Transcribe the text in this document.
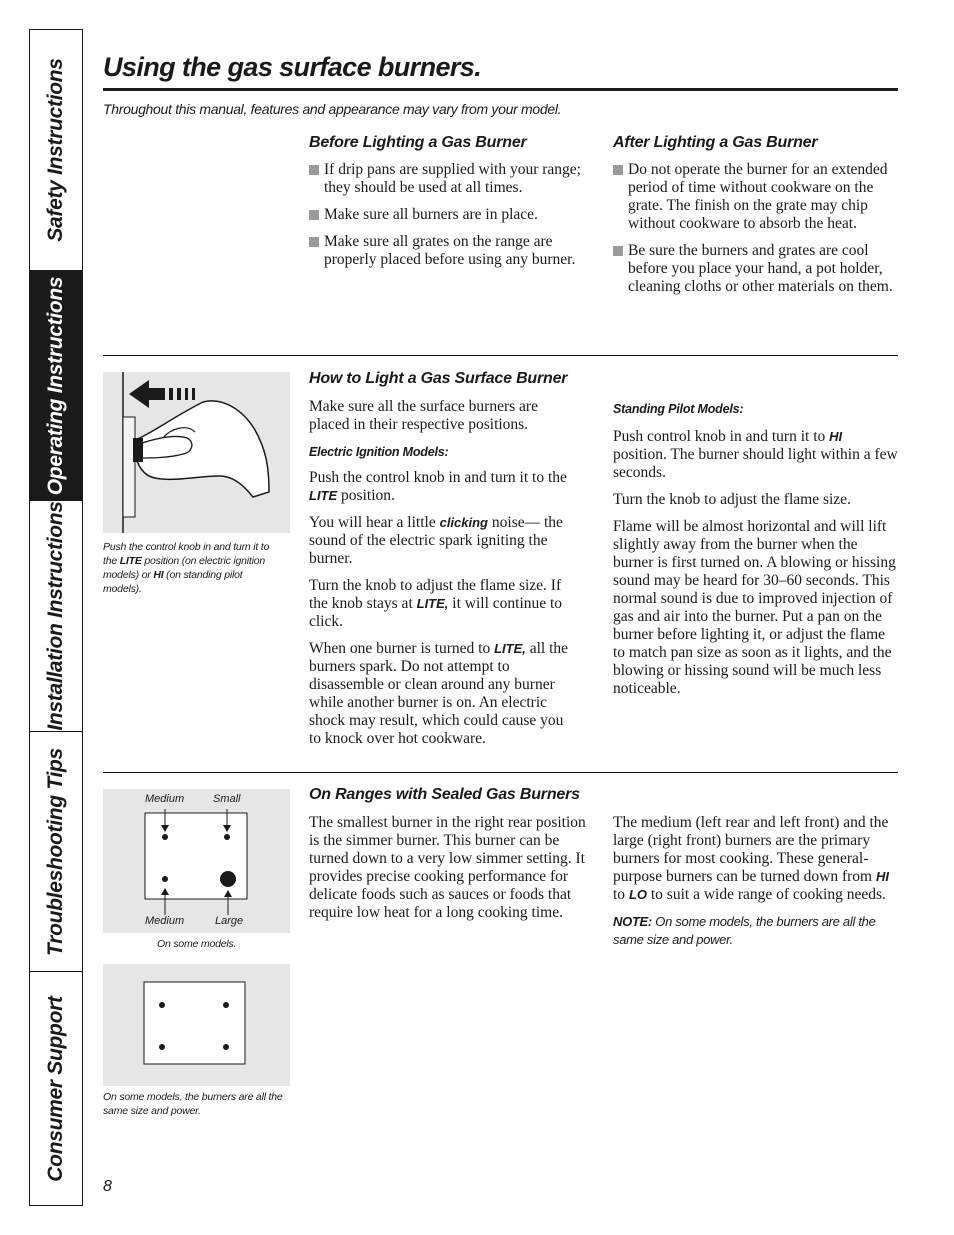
Safety Instructions
Operating Instructions
Installation Instructions
Troubleshooting Tips
Consumer Support
Using the gas surface burners.
Throughout this manual, features and appearance may vary from your model.
Before Lighting a Gas Burner
If drip pans are supplied with your range; they should be used at all times.
Make sure all burners are in place.
Make sure all grates on the range are properly placed before using any burner.
After Lighting a Gas Burner
Do not operate the burner for an extended period of time without cookware on the grate. The finish on the grate may chip without cookware to absorb the heat.
Be sure the burners and grates are cool before you place your hand, a pot holder, cleaning cloths or other materials on them.
Push the control knob in and turn it to the LITE position (on electric ignition models) or HI (on standing pilot models).
How to Light a Gas Surface Burner

Make sure all the surface burners are placed in their respective positions.

Electric Ignition Models:

Push the control knob in and turn it to the LITE position.

You will hear a little clicking noise— the sound of the electric spark igniting the burner.

Turn the knob to adjust the flame size. If the knob stays at LITE, it will continue to click.

When one burner is turned to LITE, all the burners spark. Do not attempt to disassemble or clean around any burner while another burner is on. An electric shock may result, which could cause you to knock over hot cookware.

Standing Pilot Models:

Push control knob in and turn it to HI position. The burner should light within a few seconds.

Turn the knob to adjust the flame size.

Flame will be almost horizontal and will lift slightly away from the burner when the burner is first turned on. A blowing or hissing sound may be heard for 30–60 seconds. This normal sound is due to improved injection of gas and air into the burner. Put a pan on the burner before lighting it, or adjust the flame to match pan size as soon as it lights, and the blowing or hissing sound will be much less noticeable.

Medium	Small
Medium	Large
On some models.
On some models, the burners are all the same size and power.
On Ranges with Sealed Gas Burners

The smallest burner in the right rear position is the simmer burner. This burner can be turned down to a very low simmer setting. It provides precise cooking performance for delicate foods such as sauces or foods that require low heat for a long cooking time.

The medium (left rear and left front) and the large (right front) burners are the primary burners for most cooking. These general-purpose burners can be turned down from HI to LO to suit a wide range of cooking needs.

NOTE: On some models, the burners are all the same size and power.
8
